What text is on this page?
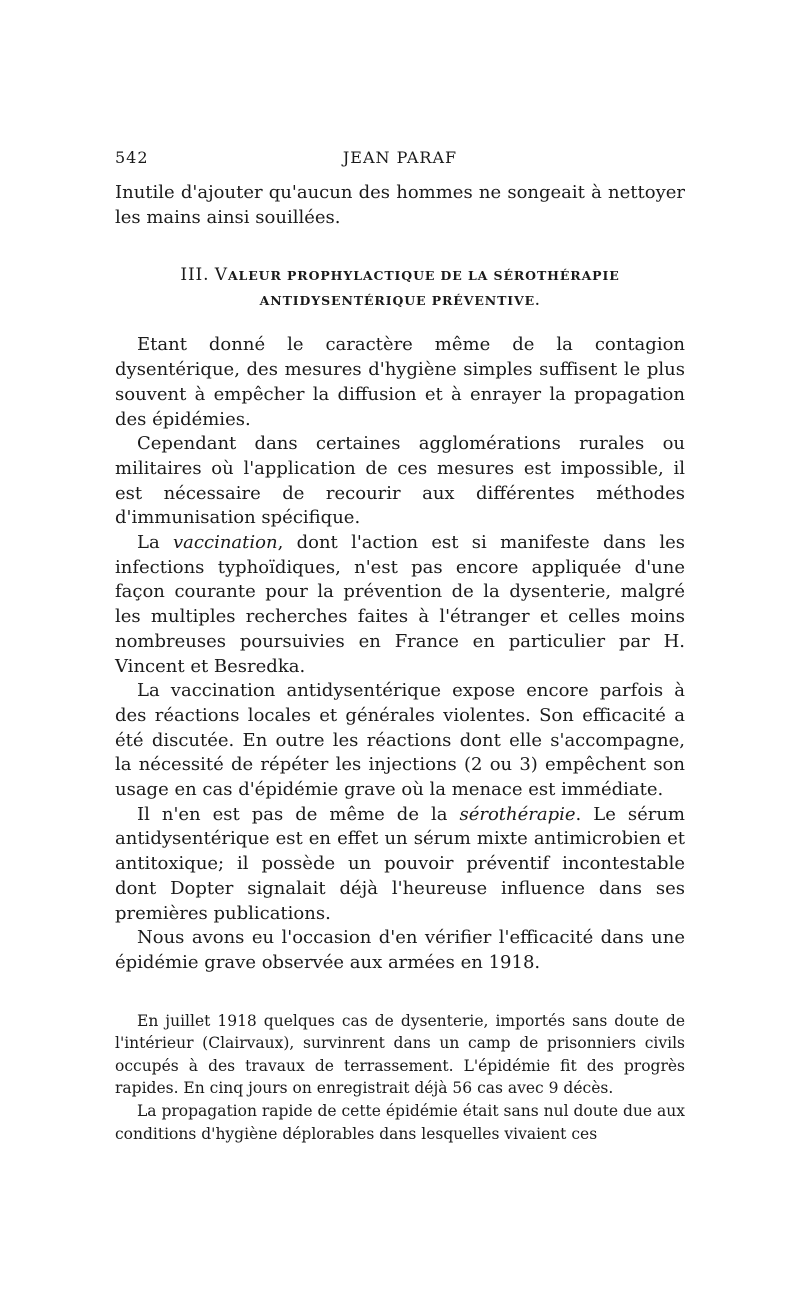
542	JEAN PARAF

Inutile d'ajouter qu'aucun des hommes ne songeait à nettoyer les mains ainsi souillées.

III. VALEUR PROPHYLACTIQUE DE LA SÉROTHÉRAPIE
ANTIDYSENTÉRIQUE PRÉVENTIVE.

Etant donné le caractère même de la contagion dysentérique, des mesures d'hygiène simples suffisent le plus souvent à empêcher la diffusion et à enrayer la propagation des épidémies.

Cependant dans certaines agglomérations rurales ou militaires où l'application de ces mesures est impossible, il est nécessaire de recourir aux différentes méthodes d'immunisation spécifique.

La vaccination, dont l'action est si manifeste dans les infections typhoïdiques, n'est pas encore appliquée d'une façon courante pour la prévention de la dysenterie, malgré les multiples recherches faites à l'étranger et celles moins nombreuses poursuivies en France en particulier par H. Vincent et Besredka.

La vaccination antidysentérique expose encore parfois à des réactions locales et générales violentes. Son efficacité a été discutée. En outre les réactions dont elle s'accompagne, la nécessité de répéter les injections (2 ou 3) empêchent son usage en cas d'épidémie grave où la menace est immédiate.

Il n'en est pas de même de la sérothérapie. Le sérum antidysentérique est en effet un sérum mixte antimicrobien et antitoxique; il possède un pouvoir préventif incontestable dont Dopter signalait déjà l'heureuse influence dans ses premières publications.

Nous avons eu l'occasion d'en vérifier l'efficacité dans une épidémie grave observée aux armées en 1918.

En juillet 1918 quelques cas de dysenterie, importés sans doute de l'intérieur (Clairvaux), survinrent dans un camp de prisonniers civils occupés à des travaux de terrassement. L'épidémie fit des progrès rapides. En cinq jours on enregistrait déjà 56 cas avec 9 décès.

La propagation rapide de cette épidémie était sans nul doute due aux conditions d'hygiène déplorables dans lesquelles vivaient ces
